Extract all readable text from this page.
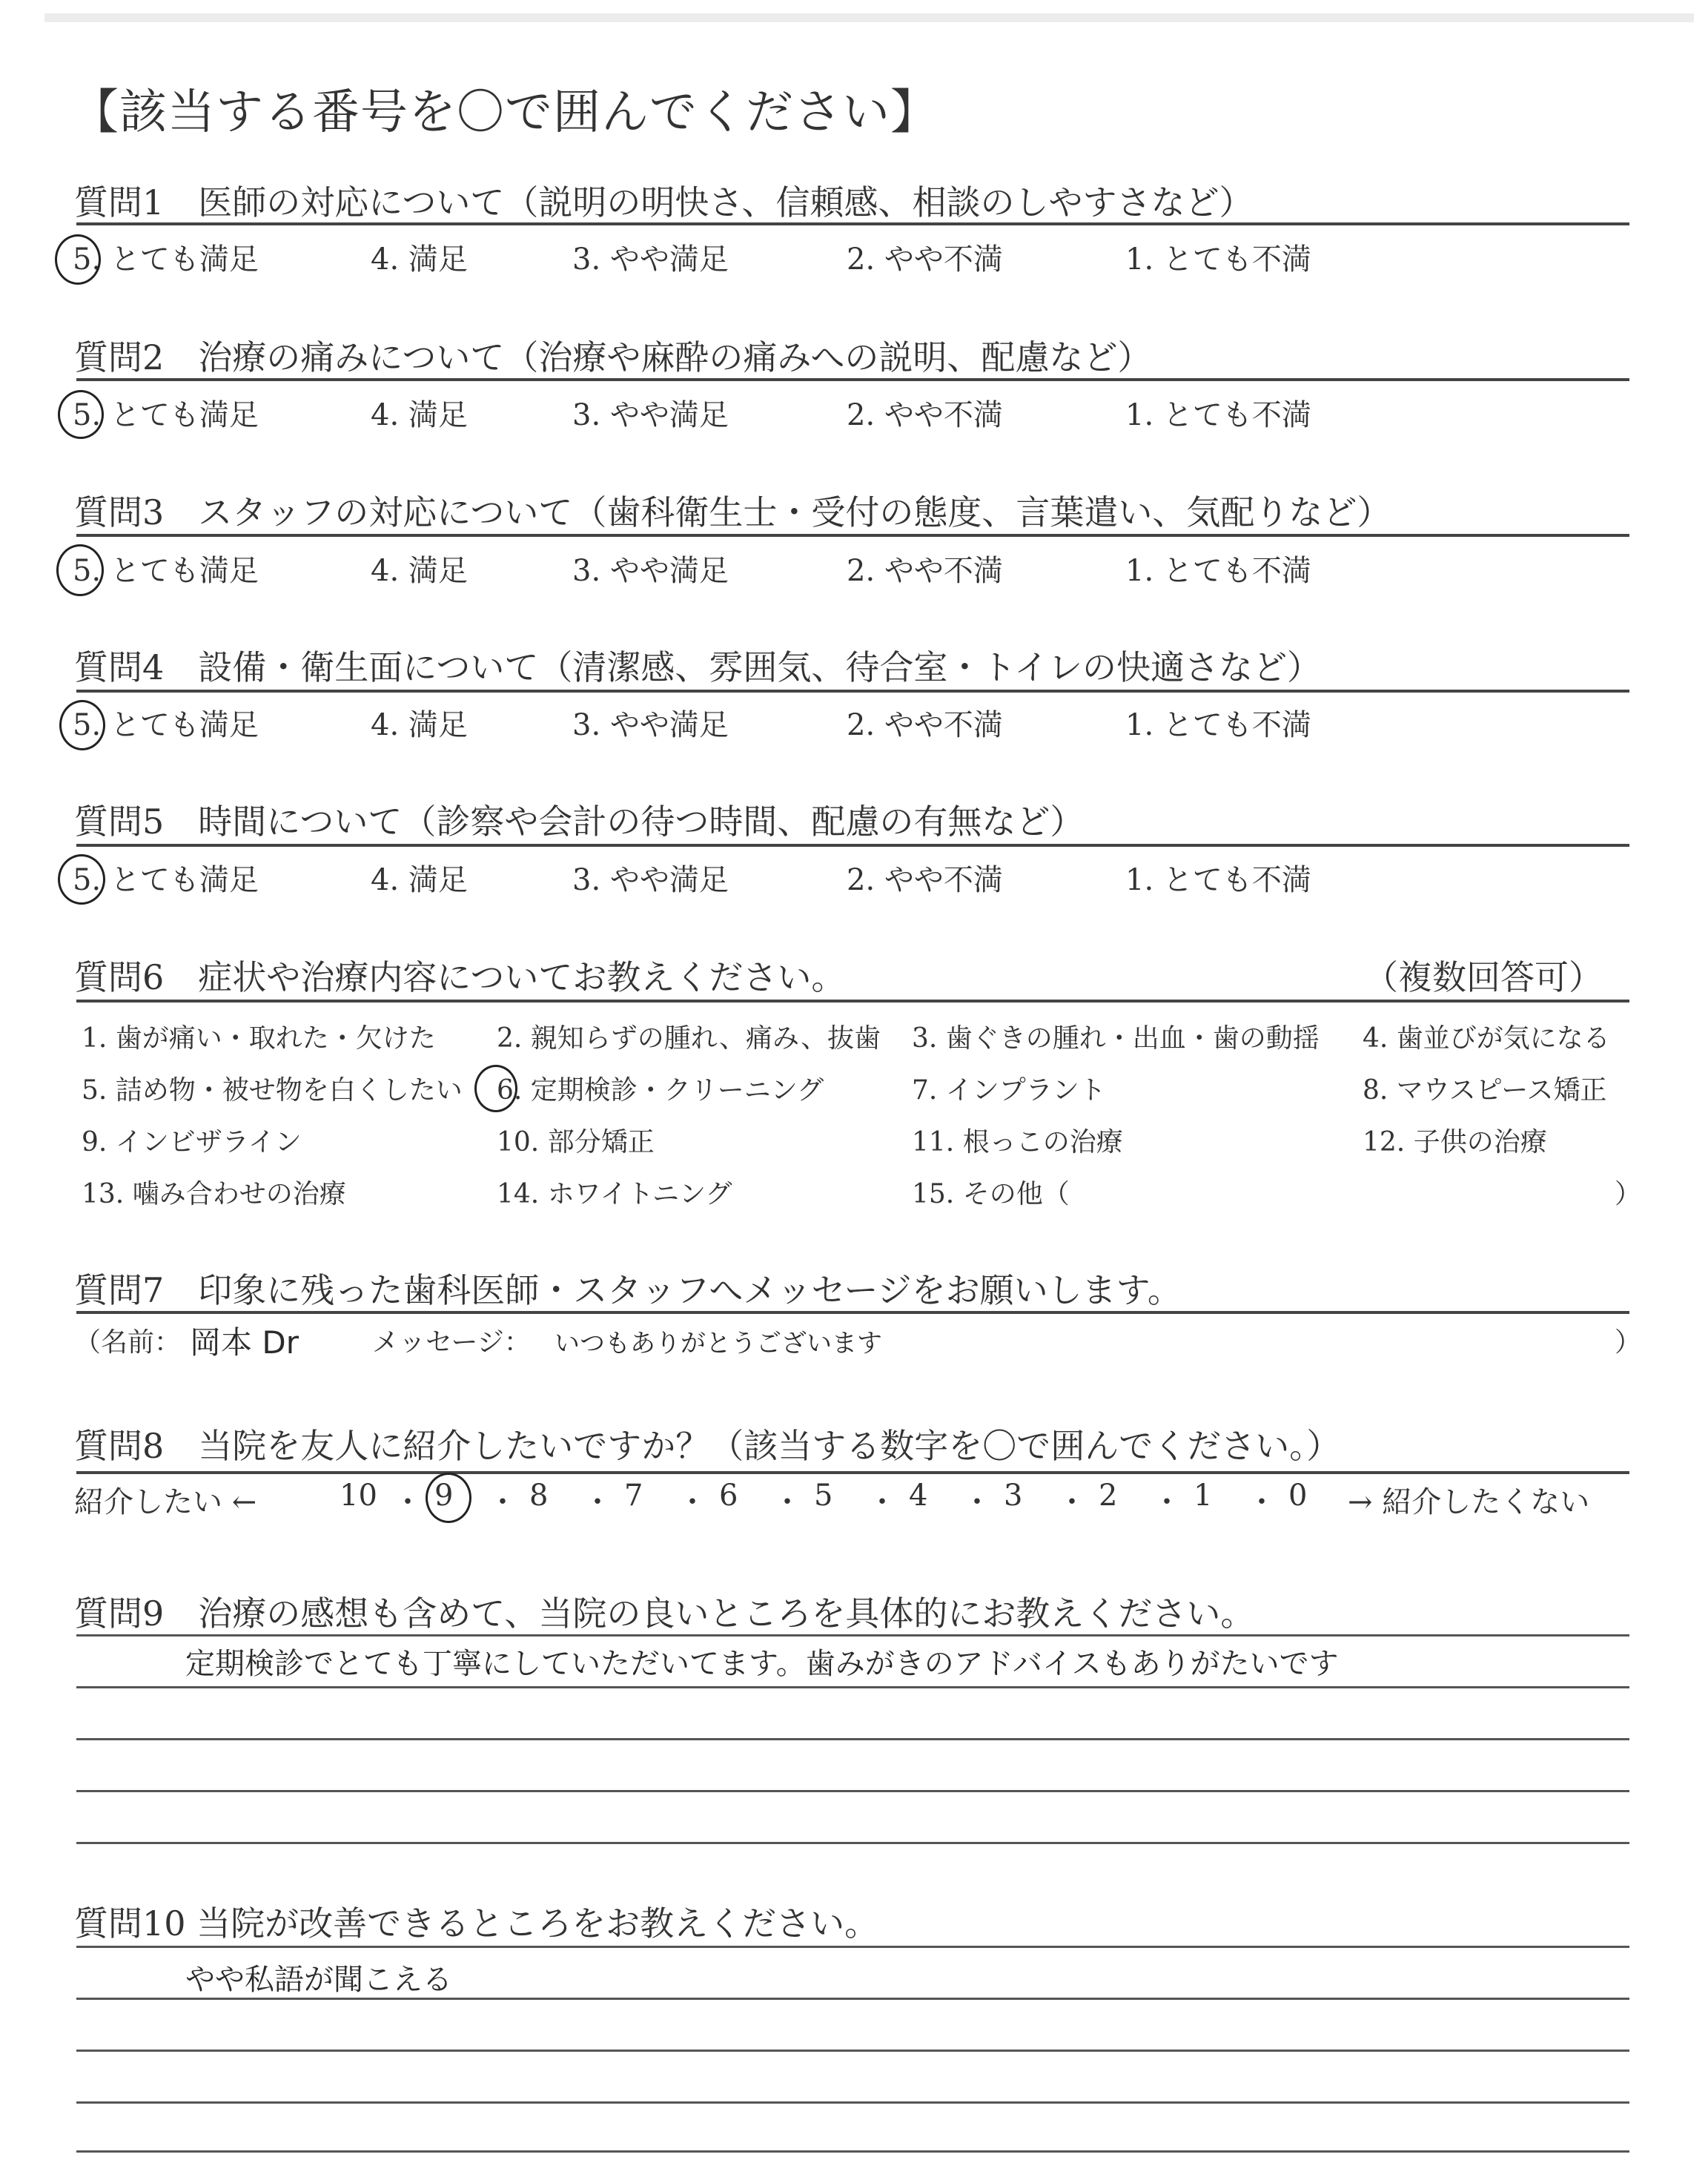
【該当する番号を〇で囲んでください】
質問1　医師の対応について（説明の明快さ、信頼感、相談のしやすさなど）
5. とても満足	4. 満足	3. やや満足	2. やや不満	1. とても不満
質問2　治療の痛みについて（治療や麻酔の痛みへの説明、配慮など）
5. とても満足	4. 満足	3. やや満足	2. やや不満	1. とても不満
質問3　スタッフの対応について（歯科衛生士・受付の態度、言葉遣い、気配りなど）
5. とても満足	4. 満足	3. やや満足	2. やや不満	1. とても不満
質問4　設備・衛生面について（清潔感、雰囲気、待合室・トイレの快適さなど）
5. とても満足	4. 満足	3. やや満足	2. やや不満	1. とても不満
質問5　時間について（診察や会計の待つ時間、配慮の有無など）
5. とても満足	4. 満足	3. やや満足	2. やや不満	1. とても不満
質問6　症状や治療内容についてお教えください。	（複数回答可）
1. 歯が痛い・取れた・欠けた 2. 親知らずの腫れ、痛み、抜歯 3. 歯ぐきの腫れ・出血・歯の動揺 4. 歯並びが気になる
5. 詰め物・被せ物を白くしたい 6. 定期検診・クリーニング	7. インプラント	8. マウスピース矯正
9. インビザライン	10. 部分矯正	11. 根っこの治療	12. 子供の治療
13. 噛み合わせの治療	14. ホワイトニング	15. その他（	）
質問7　印象に残った歯科医師・スタッフへメッセージをお願いします。
（名前： 岡本 Dr	メッセージ： いつもありがとうございます	）
質問8　当院を友人に紹介したいですか？（該当する数字を〇で囲んでください。）
紹介したい ←	→ 紹介したくない
10 ・ 9 ・ 8 ・ 7 ・ 6 ・ 5 ・ 4 ・ 3 ・ 2 ・ 1 ・ 0
質問9　治療の感想も含めて、当院の良いところを具体的にお教えください。
定期検診でとても丁寧にしていただいてます。歯みがきのアドバイスもありがたいです
質問10 当院が改善できるところをお教えください。
やや私語が聞こえる
